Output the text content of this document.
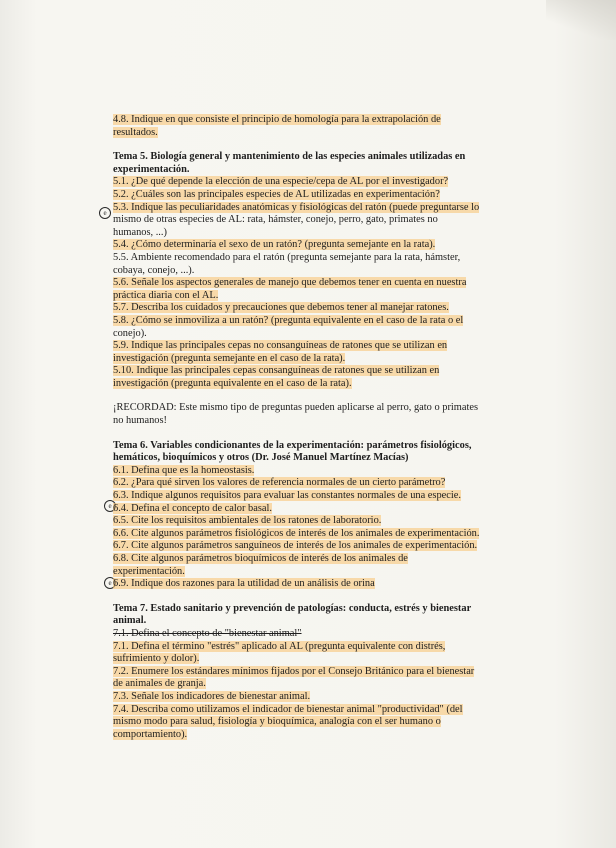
e
e
e
4.8. Indique en que consiste el principio de homología para la extrapolación de
resultados.
Tema 5. Biología general y mantenimiento de las especies animales utilizadas en
experimentación.
5.1. ¿De qué depende la elección de una especie/cepa de AL por el investigador?
5.2. ¿Cuáles son las principales especies de AL utilizadas en experimentación?
5.3. Indique las peculiaridades anatómicas y fisiológicas del ratón (puede preguntarse lo
mismo de otras especies de AL: rata, hámster, conejo, perro, gato, primates no
humanos, ...)
5.4. ¿Cómo determinaría el sexo de un ratón? (pregunta semejante en la rata).
5.5. Ambiente recomendado para el ratón (pregunta semejante para la rata, hámster,
cobaya, conejo, ...).
5.6. Señale los aspectos generales de manejo que debemos tener en cuenta en nuestra
práctica diaria con el AL.
5.7. Describa los cuidados y precauciones que debemos tener al manejar ratones.
5.8. ¿Cómo se inmoviliza a un ratón? (pregunta equivalente en el caso de la rata o el
conejo).
5.9. Indique las principales cepas no consanguíneas de ratones que se utilizan en
investigación (pregunta semejante en el caso de la rata).
5.10. Indique las principales cepas consanguíneas de ratones que se utilizan en
investigación (pregunta equivalente en el caso de la rata).
¡RECORDAD: Este mismo tipo de preguntas pueden aplicarse al perro, gato o primates
no humanos!
Tema 6. Variables condicionantes de la experimentación: parámetros fisiológicos,
hemáticos, bioquímicos y otros (Dr. José Manuel Martínez Macías)
6.1. Defina que es la homeostasis.
6.2. ¿Para qué sirven los valores de referencia normales de un cierto parámetro?
6.3. Indique algunos requisitos para evaluar las constantes normales de una especie.
6.4. Defina el concepto de calor basal.
6.5. Cite los requisitos ambientales de los ratones de laboratorio.
6.6. Cite algunos parámetros fisiológicos de interés de los animales de experimentación.
6.7. Cite algunos parámetros sanguíneos de interés de los animales de experimentación.
6.8. Cite algunos parámetros bioquímicos de interés de los animales de
experimentación.
6.9. Indique dos razones para la utilidad de un análisis de orina
Tema 7. Estado sanitario y prevención de patologías: conducta, estrés y bienestar
animal.
7.1. Defina el concepto de "bienestar animal"
7.1. Defina el término "estrés" aplicado al AL (pregunta equivalente con distrés,
sufrimiento y dolor).
7.2. Enumere los estándares mínimos fijados por el Consejo Británico para el bienestar
de animales de granja.
7.3. Señale los indicadores de bienestar animal.
7.4. Describa como utilizamos el indicador de bienestar animal "productividad" (del
mismo modo para salud, fisiología y bioquímica, analogía con el ser humano o
comportamiento).
